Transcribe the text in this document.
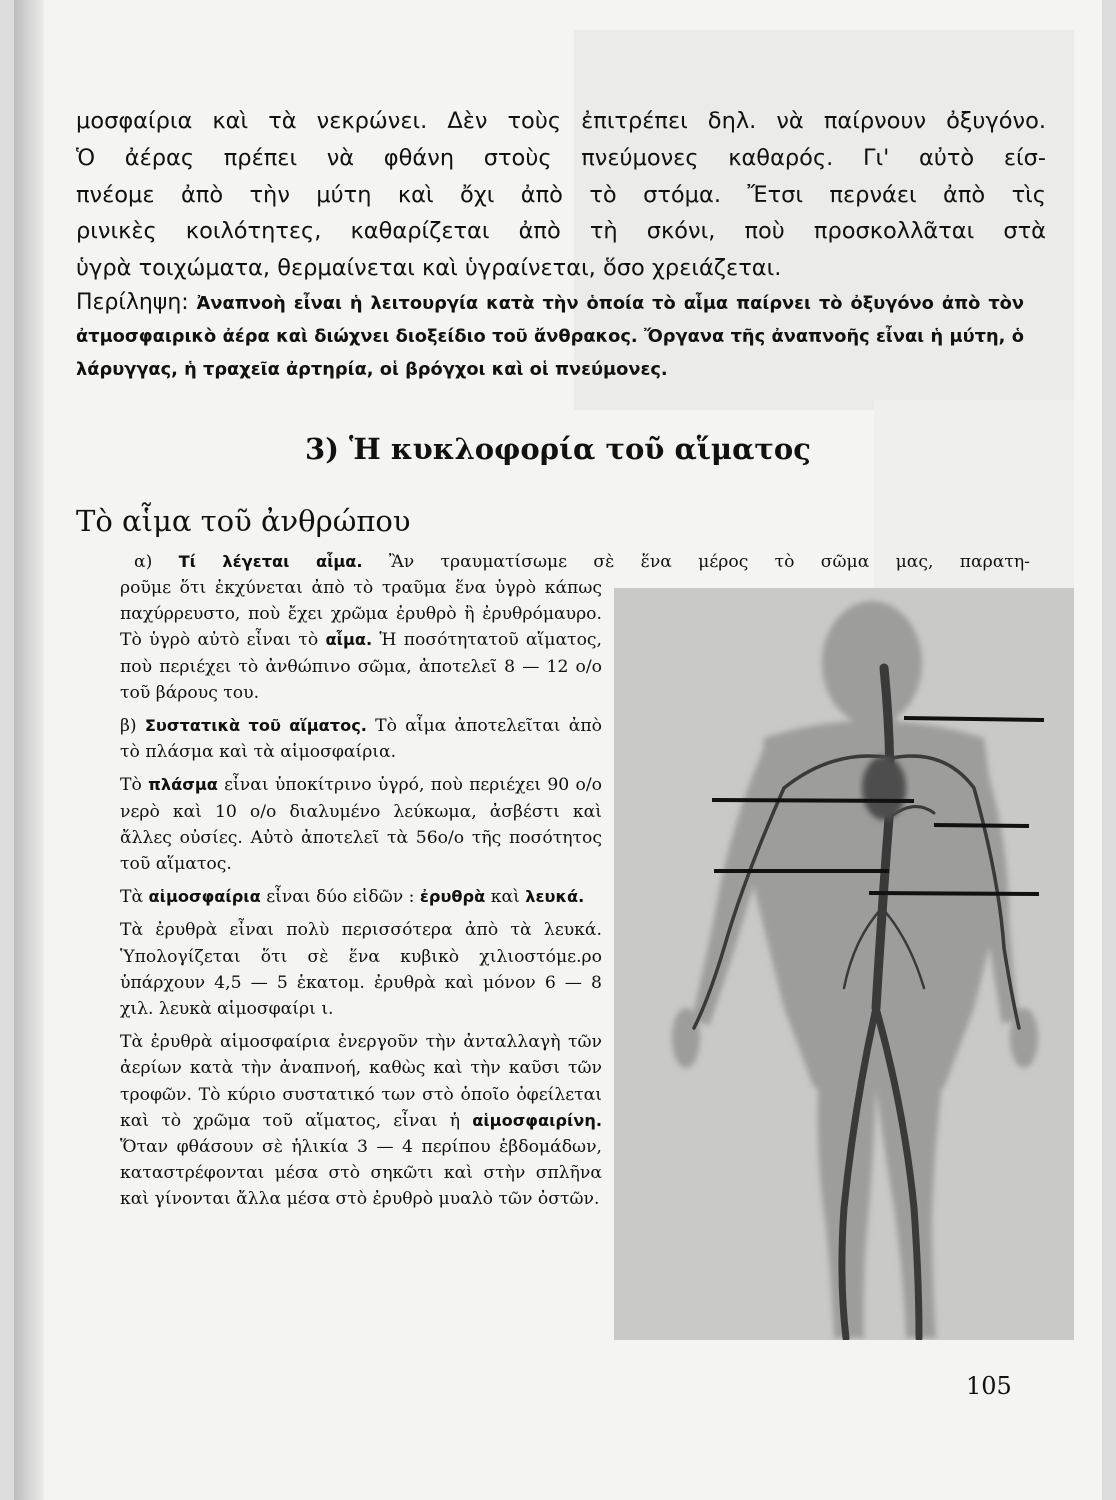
μοσφαίρια καὶ τὰ νεκρώνει. Δὲν τοὺς ἐπιτρέπει δηλ. νὰ παίρνουν ὀξυγόνο.
Ὁ ἀέρας πρέπει νὰ φθάνη στοὺς πνεύμονες καθαρός. Γι' αὐτὸ είσ-
πνέομε ἀπὸ τὴν μύτη καὶ ὄχι ἀπὸ τὸ στόμα. Ἔτσι περνάει ἀπὸ τὶς
ρινικὲς κοιλότητες, καθαρίζεται ἀπὸ τὴ σκόνι, ποὺ προσκολλᾶται στὰ
ὑγρὰ τοιχώματα, θερμαίνεται καὶ ὑγραίνεται, ὅσο χρειάζεται.

Περίληψη: Ἀναπνοὴ εἶναι ἡ λειτουργία κατὰ τὴν ὁποία τὸ αἷμα παίρνει τὸ ὀξυγόνο ἀπὸ τὸν ἀτμοσφαιρικὸ ἀέρα καὶ διώχνει διοξείδιο τοῦ ἄνθρακος. Ὄργανα τῆς ἀναπνοῆς εἶναι ἡ μύτη, ὁ λάρυγγας, ἡ τραχεῖα ἀρτηρία, οἱ βρόγχοι καὶ οἱ πνεύμονες.

3) Ἡ κυκλοφορία τοῦ αἵματος
Τὸ αἷμα τοῦ ἀνθρώπου

α) Τί λέγεται αἷμα. Ἂν τραυματίσωμε σὲ ἕνα μέρος τὸ σῶμα μας, παρατη-

ροῦμε ὅτι ἐκχύνεται ἀπὸ τὸ τραῦμα ἕνα ὑγρὸ κάπως παχύρρευστο, ποὺ ἔχει χρῶμα ἐρυθρὸ ἢ ἐρυθρόμαυρο. Τὸ ὑγρὸ αὐτὸ εἶναι τὸ αἷμα. Ἡ ποσότητατοῦ αἵματος, ποὺ περιέχει τὸ ἀνθώπινο σῶμα, ἀποτελεῖ 8 — 12 ο/ο τοῦ βάρους του.

β) Συστατικὰ τοῦ αἵματος. Τὸ αἷμα ἀποτελεῖται ἀπὸ τὸ πλάσμα καὶ τὰ αἱμοσφαίρια.

Τὸ πλάσμα εἶναι ὑποκίτρινο ὑγρό, ποὺ περιέχει 90 ο/ο νερὸ καὶ 10 ο/ο διαλυμένο λεύκωμα, ἀσβέστι καὶ ἄλλες οὐσίες. Αὐτὸ ἀποτελεῖ τὰ 56ο/ο τῆς ποσότητος τοῦ αἵματος.

Τὰ αἱμοσφαίρια εἶναι δύο εἰδῶν : ἐρυθρὰ καὶ λευκά.

Τὰ ἐρυθρὰ εἶναι πολὺ περισσότερα ἀπὸ τὰ λευκά. Ὑπολογίζεται ὅτι σὲ ἕνα κυβικὸ χιλιοστόμε.ρο ὑπάρχουν 4,5 — 5 ἑκατομ. ἐρυθρὰ καὶ μόνον 6 — 8 χιλ. λευκὰ αἱμοσφαίρι ι.

Τὰ ἐρυθρὰ αἱμοσφαίρια ἐνεργοῦν τὴν ἀνταλλαγὴ τῶν ἀερίων κατὰ τὴν ἀναπνοή, καθὼς καὶ τὴν καῦσι τῶν τροφῶν. Τὸ κύριο συστατικό των στὸ ὁποῖο ὀφείλεται καὶ τὸ χρῶμα τοῦ αἵματος, εἶναι ἡ αἱμοσφαιρίνη. Ὅταν φθάσουν σὲ ἡλικία 3 — 4 περίπου ἑβδομάδων, καταστρέφονται μέσα στὸ σηκῶτι καὶ στὴν σπλῆνα καὶ γίνονται ἄλλα μέσα στὸ ἐρυθρὸ μυαλὸ τῶν ὀστῶν.

105
